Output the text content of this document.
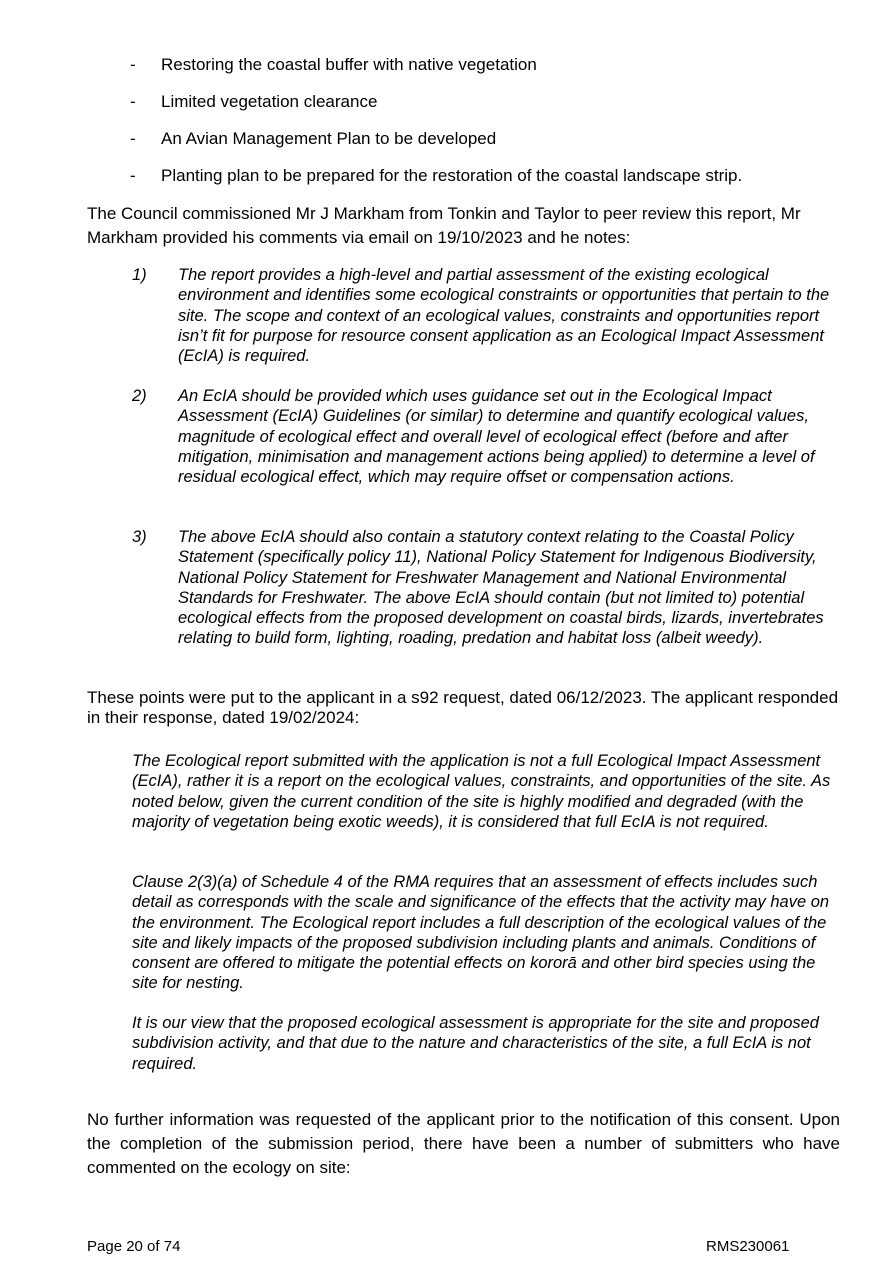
- Restoring the coastal buffer with native vegetation
- Limited vegetation clearance
- An Avian Management Plan to be developed
- Planting plan to be prepared for the restoration of the coastal landscape strip.

The Council commissioned Mr J Markham from Tonkin and Taylor to peer review this report, Mr Markham provided his comments via email on 19/10/2023 and he notes:

1) The report provides a high-level and partial assessment of the existing ecological environment and identifies some ecological constraints or opportunities that pertain to the site. The scope and context of an ecological values, constraints and opportunities report isn’t fit for purpose for resource consent application as an Ecological Impact Assessment (EcIA) is required.
2) An EcIA should be provided which uses guidance set out in the Ecological Impact Assessment (EcIA) Guidelines (or similar) to determine and quantify ecological values, magnitude of ecological effect and overall level of ecological effect (before and after mitigation, minimisation and management actions being applied) to determine a level of residual ecological effect, which may require offset or compensation actions.
3) The above EcIA should also contain a statutory context relating to the Coastal Policy Statement (specifically policy 11), National Policy Statement for Indigenous Biodiversity, National Policy Statement for Freshwater Management and National Environmental Standards for Freshwater. The above EcIA should contain (but not limited to) potential ecological effects from the proposed development on coastal birds, lizards, invertebrates relating to build form, lighting, roading, predation and habitat loss (albeit weedy).

These points were put to the applicant in a s92 request, dated 06/12/2023. The applicant responded in their response, dated 19/02/2024:

The Ecological report submitted with the application is not a full Ecological Impact Assessment (EcIA), rather it is a report on the ecological values, constraints, and opportunities of the site. As noted below, given the current condition of the site is highly modified and degraded (with the majority of vegetation being exotic weeds), it is considered that full EcIA is not required.

Clause 2(3)(a) of Schedule 4 of the RMA requires that an assessment of effects includes such detail as corresponds with the scale and significance of the effects that the activity may have on the environment. The Ecological report includes a full description of the ecological values of the site and likely impacts of the proposed subdivision including plants and animals. Conditions of consent are offered to mitigate the potential effects on kororā and other bird species using the site for nesting.

It is our view that the proposed ecological assessment is appropriate for the site and proposed subdivision activity, and that due to the nature and characteristics of the site, a full EcIA is not required.

No further information was requested of the applicant prior to the notification of this consent. Upon the completion of the submission period, there have been a number of submitters who have commented on the ecology on site:

Page 20 of 74	RMS230061
